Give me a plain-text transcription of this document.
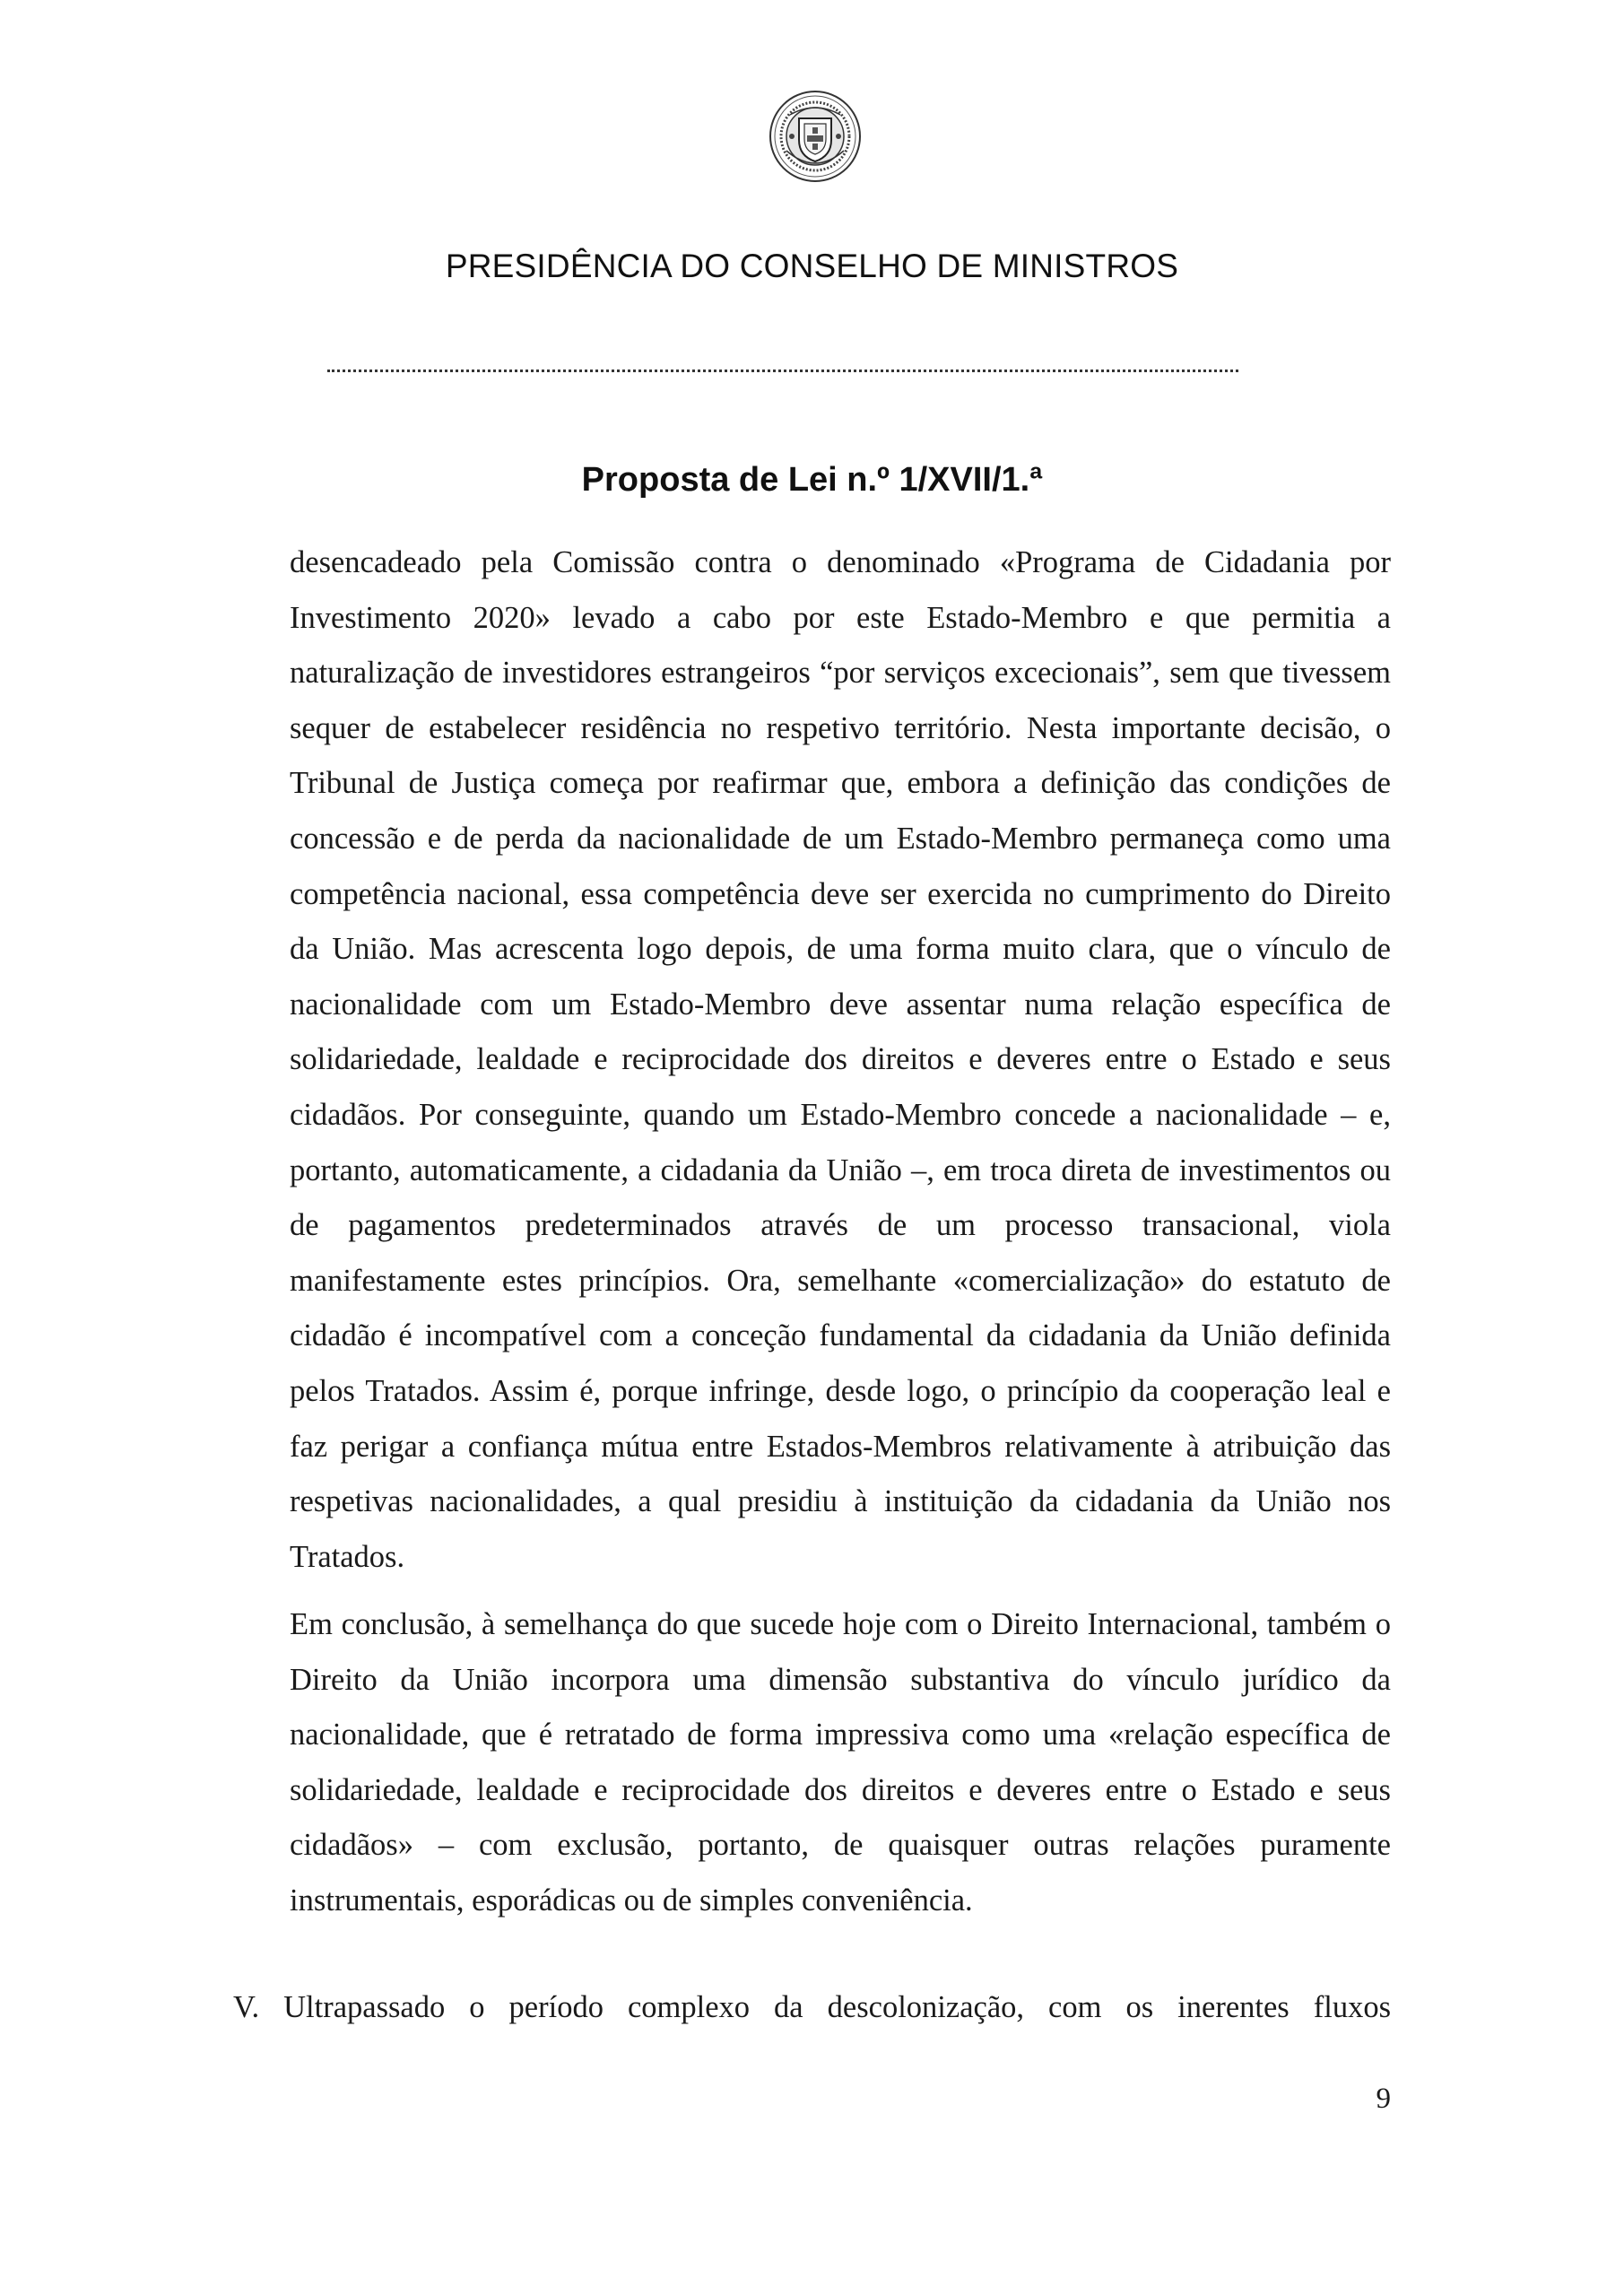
PRESIDÊNCIA DO CONSELHO DE MINISTROS
Proposta de Lei n.º 1/XVII/1.ª

desencadeado pela Comissão contra o denominado «Programa de Cidadania por Investimento 2020» levado a cabo por este Estado-Membro e que permitia a naturalização de investidores estrangeiros “por serviços excecionais”, sem que tivessem sequer de estabelecer residência no respetivo território. Nesta importante decisão, o Tribunal de Justiça começa por reafirmar que, embora a definição das condições de concessão e de perda da nacionalidade de um Estado-Membro permaneça como uma competência nacional, essa competência deve ser exercida no cumprimento do Direito da União. Mas acrescenta logo depois, de uma forma muito clara, que o vínculo de nacionalidade com um Estado-Membro deve assentar numa relação específica de solidariedade, lealdade e reciprocidade dos direitos e deveres entre o Estado e seus cidadãos. Por conseguinte, quando um Estado-Membro concede a nacionalidade – e, portanto, automaticamente, a cidadania da União –, em troca direta de investimentos ou de pagamentos predeterminados através de um processo transacional, viola manifestamente estes princípios. Ora, semelhante «comercialização» do estatuto de cidadão é incompatível com a conceção fundamental da cidadania da União definida pelos Tratados. Assim é, porque infringe, desde logo, o princípio da cooperação leal e faz perigar a confiança mútua entre Estados-Membros relativamente à atribuição das respetivas nacionalidades, a qual presidiu à instituição da cidadania da União nos Tratados.

Em conclusão, à semelhança do que sucede hoje com o Direito Internacional, também o Direito da União incorpora uma dimensão substantiva do vínculo jurídico da nacionalidade, que é retratado de forma impressiva como uma «relação específica de solidariedade, lealdade e reciprocidade dos direitos e deveres entre o Estado e seus cidadãos» – com exclusão, portanto, de quaisquer outras relações puramente instrumentais, esporádicas ou de simples conveniência.

V. Ultrapassado o período complexo da descolonização, com os inerentes fluxos

9
